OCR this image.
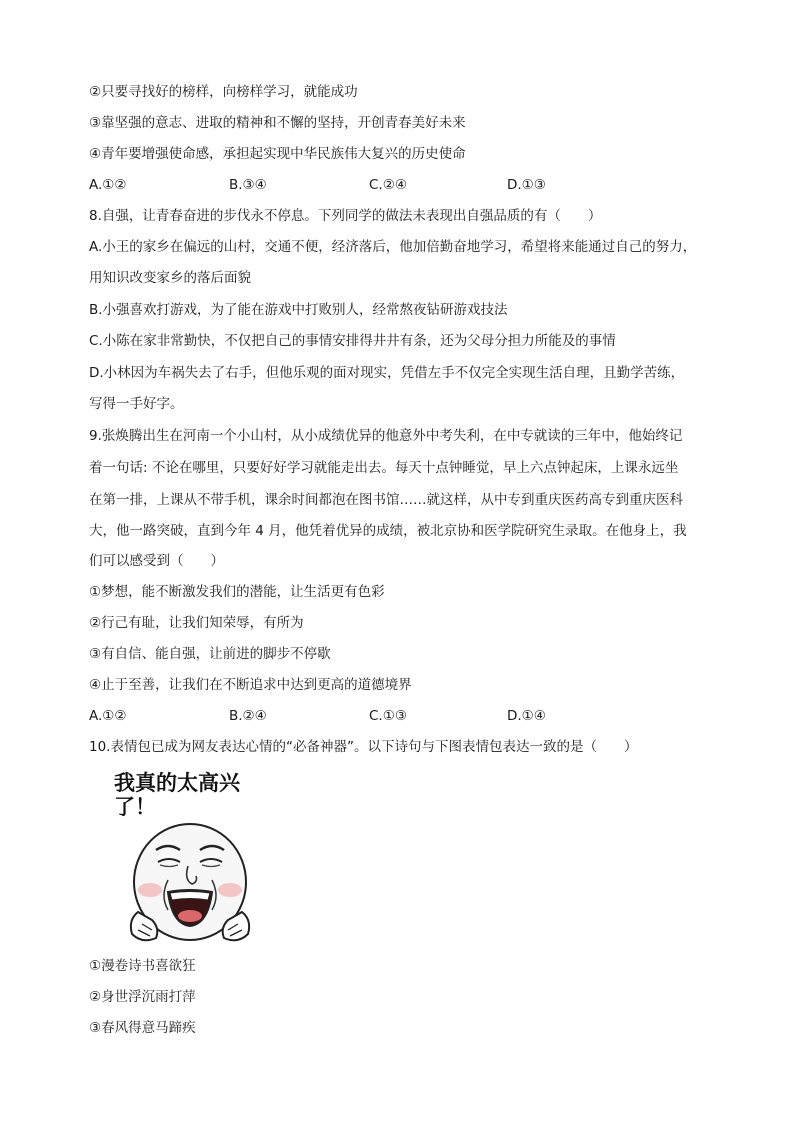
②只要寻找好的榜样，向榜样学习，就能成功
③靠坚强的意志、进取的精神和不懈的坚持，开创青春美好未来
④青年要增强使命感，承担起实现中华民族伟大复兴的历史使命
A.①②	B.③④	C.②④	D.①③
8.自强，让青春奋进的步伐永不停息。下列同学的做法未表现出自强品质的有（　　）
A.小王的家乡在偏远的山村，交通不便，经济落后，他加倍勤奋地学习，希望将来能通过自己的努力，
用知识改变家乡的落后面貌
B.小强喜欢打游戏，为了能在游戏中打败别人，经常熬夜钻研游戏技法
C.小陈在家非常勤快，不仅把自己的事情安排得井井有条，还为父母分担力所能及的事情
D.小林因为车祸失去了右手，但他乐观的面对现实，凭借左手不仅完全实现生活自理，且勤学苦练，
写得一手好字。
9.张焕腾出生在河南一个小山村，从小成绩优异的他意外中考失利，在中专就读的三年中，他始终记
着一句话: 不论在哪里，只要好好学习就能走出去。每天十点钟睡觉，早上六点钟起床，上课永远坐
在第一排，上课从不带手机，课余时间都泡在图书馆……就这样，从中专到重庆医药高专到重庆医科
大，他一路突破，直到今年 4 月，他凭着优异的成绩，被北京协和医学院研究生录取。在他身上，我
们可以感受到（　　）
①梦想，能不断激发我们的潜能，让生活更有色彩
②行己有耻，让我们知荣辱，有所为
③有自信、能自强，让前进的脚步不停歇
④止于至善，让我们在不断追求中达到更高的道德境界
A.①②	B.②④	C.①③	D.①④
10.表情包已成为网友表达心情的“必备神器”。以下诗句与下图表情包表达一致的是（　　）
我真的太高兴
了！
①漫卷诗书喜欲狂
②身世浮沉雨打萍
③春风得意马蹄疾
